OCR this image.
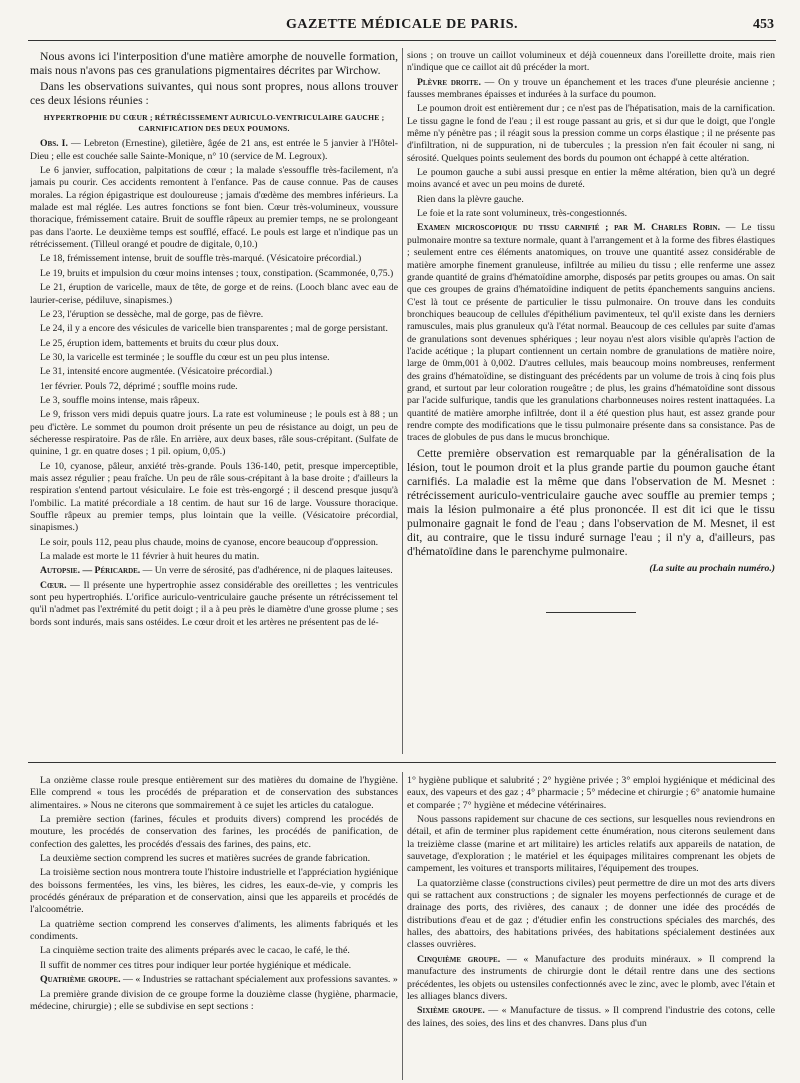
GAZETTE MÉDICALE DE PARIS.	453

Nous avons ici l'interposition d'une matière amorphe de nouvelle formation, mais nous n'avons pas ces granulations pigmentaires décrites par Wirchow.

Dans les observations suivantes, qui nous sont propres, nous allons trouver ces deux lésions réunies :

HYPERTROPHIE DU CŒUR ; RÉTRÉCISSEMENT AURICULO-VENTRICULAIRE GAUCHE ; CARNIFICATION DES DEUX POUMONS.

Obs. I. — Lebreton (Ernestine), giletière, âgée de 21 ans, est entrée le 5 janvier à l'Hôtel-Dieu ; elle est couchée salle Sainte-Monique, n° 10 (service de M. Legroux).

Le 6 janvier, suffocation, palpitations de cœur ; la malade s'essouffle très-facilement, n'a jamais pu courir. Ces accidents remontent à l'enfance. Pas de cause connue. Pas de causes morales. La région épigastrique est douloureuse ; jamais d'œdème des membres inférieurs. La malade est mal réglée. Les autres fonctions se font bien. Cœur très-volumineux, voussure thoracique, frémissement cataire. Bruit de souffle râpeux au premier temps, ne se prolongeant pas dans l'aorte. Le deuxième temps est soufflé, effacé. Le pouls est large et n'indique pas un rétrécissement. (Tilleul orangé et poudre de digitale, 0,10.)

Le 18, frémissement intense, bruit de souffle très-marqué. (Vésicatoire précordial.)

Le 19, bruits et impulsion du cœur moins intenses ; toux, constipation. (Scammonée, 0,75.)

Le 21, éruption de varicelle, maux de tête, de gorge et de reins. (Looch blanc avec eau de laurier-cerise, pédiluve, sinapismes.)

Le 23, l'éruption se dessèche, mal de gorge, pas de fièvre.

Le 24, il y a encore des vésicules de varicelle bien transparentes ; mal de gorge persistant.

Le 25, éruption idem, battements et bruits du cœur plus doux.

Le 30, la varicelle est terminée ; le souffle du cœur est un peu plus intense.

Le 31, intensité encore augmentée. (Vésicatoire précordial.)

1er février. Pouls 72, déprimé ; souffle moins rude.

Le 3, souffle moins intense, mais râpeux.

Le 9, frisson vers midi depuis quatre jours. La rate est volumineuse ; le pouls est à 88 ; un peu d'ictère. Le sommet du poumon droit présente un peu de résistance au doigt, un peu de sécheresse respiratoire. Pas de râle. En arrière, aux deux bases, râle sous-crépitant. (Sulfate de quinine, 1 gr. en quatre doses ; 1 pil. opium, 0,05.)

Le 10, cyanose, pâleur, anxiété très-grande. Pouls 136-140, petit, presque imperceptible, mais assez régulier ; peau fraîche. Un peu de râle sous-crépitant à la base droite ; d'ailleurs la respiration s'entend partout vésiculaire. Le foie est très-engorgé ; il descend presque jusqu'à l'ombilic. La matité précordiale a 18 centim. de haut sur 16 de large. Voussure thoracique. Souffle râpeux au premier temps, plus lointain que la veille. (Vésicatoire précordial, sinapismes.)

Le soir, pouls 112, peau plus chaude, moins de cyanose, encore beaucoup d'oppression.

La malade est morte le 11 février à huit heures du matin.

Autopsie. — Péricarde. — Un verre de sérosité, pas d'adhérence, ni de plaques laiteuses.

Cœur. — Il présente une hypertrophie assez considérable des oreillettes ; les ventricules sont peu hypertrophiés. L'orifice auriculo-ventriculaire gauche présente un rétrécissement tel qu'il n'admet pas l'extrémité du petit doigt ; il a à peu près le diamètre d'une grosse plume ; ses bords sont indurés, mais sans ostéides. Le cœur droit et les artères ne présentent pas de lé-

sions ; on trouve un caillot volumineux et déjà couenneux dans l'oreillette droite, mais rien n'indique que ce caillot ait dû précéder la mort.

Plèvre droite. — On y trouve un épanchement et les traces d'une pleurésie ancienne ; fausses membranes épaisses et indurées à la surface du poumon.

Le poumon droit est entièrement dur ; ce n'est pas de l'hépatisation, mais de la carnification. Le tissu gagne le fond de l'eau ; il est rouge passant au gris, et si dur que le doigt, que l'ongle même n'y pénètre pas ; il réagit sous la pression comme un corps élastique ; il ne présente pas d'infiltration, ni de suppuration, ni de tubercules ; la pression n'en fait écouler ni sang, ni sérosité. Quelques points seulement des bords du poumon ont échappé à cette altération.

Le poumon gauche a subi aussi presque en entier la même altération, bien qu'à un degré moins avancé et avec un peu moins de dureté.

Rien dans la plèvre gauche.

Le foie et la rate sont volumineux, très-congestionnés.

Examen microscopique du tissu carnifié ; par M. Charles Robin. — Le tissu pulmonaire montre sa texture normale, quant à l'arrangement et à la forme des fibres élastiques ; seulement entre ces éléments anatomiques, on trouve une quantité assez considérable de matière amorphe finement granuleuse, infiltrée au milieu du tissu ; elle renferme une assez grande quantité de grains d'hématoïdine amorphe, disposés par petits groupes ou amas. On sait que ces groupes de grains d'hématoïdine indiquent de petits épanchements sanguins anciens. C'est là tout ce présente de particulier le tissu pulmonaire. On trouve dans les conduits bronchiques beaucoup de cellules d'épithélium pavimenteux, tel qu'il existe dans les derniers ramuscules, mais plus granuleux qu'à l'état normal. Beaucoup de ces cellules par suite d'amas de granulations sont devenues sphériques ; leur noyau n'est alors visible qu'après l'action de l'acide acétique ; la plupart contiennent un certain nombre de granulations de matière noire, large de 0mm,001 à 0,002. D'autres cellules, mais beaucoup moins nombreuses, renferment des grains d'hématoïdine, se distinguant des précédents par un volume de trois à cinq fois plus grand, et surtout par leur coloration rougeâtre ; de plus, les grains d'hématoïdine sont dissous par l'acide sulfurique, tandis que les granulations charbonneuses noires restent inattaquées. La quantité de matière amorphe infiltrée, dont il a été question plus haut, est assez grande pour rendre compte des modifications que le tissu pulmonaire présente dans sa consistance. Pas de traces de globules de pus dans le mucus bronchique.

Cette première observation est remarquable par la généralisation de la lésion, tout le poumon droit et la plus grande partie du poumon gauche étant carnifiés. La maladie est la même que dans l'observation de M. Mesnet : rétrécissement auriculo-ventriculaire gauche avec souffle au premier temps ; mais la lésion pulmonaire a été plus prononcée. Il est dit ici que le tissu pulmonaire gagnait le fond de l'eau ; dans l'observation de M. Mesnet, il est dit, au contraire, que le tissu induré surnage l'eau ; il n'y a, d'ailleurs, pas d'hématoïdine dans le parenchyme pulmonaire.

(La suite au prochain numéro.)

La onzième classe roule presque entièrement sur des matières du domaine de l'hygiène. Elle comprend « tous les procédés de préparation et de conservation des substances alimentaires. » Nous ne citerons que sommairement à ce sujet les articles du catalogue.

La première section (farines, fécules et produits divers) comprend les procédés de mouture, les procédés de conservation des farines, les procédés de panification, de confection des galettes, les procédés d'essais des farines, des pains, etc.

La deuxième section comprend les sucres et matières sucrées de grande fabrication.

La troisième section nous montrera toute l'histoire industrielle et l'appréciation hygiénique des boissons fermentées, les vins, les bières, les cidres, les eaux-de-vie, y compris les procédés généraux de préparation et de conservation, ainsi que les appareils et procédés de l'alcoométrie.

La quatrième section comprend les conserves d'aliments, les aliments fabriqués et les condiments.

La cinquième section traite des aliments préparés avec le cacao, le café, le thé.

Il suffit de nommer ces titres pour indiquer leur portée hygiénique et médicale.

Quatrième groupe. — « Industries se rattachant spécialement aux professions savantes. »

La première grande division de ce groupe forme la douzième classe (hygiène, pharmacie, médecine, chirurgie) ; elle se subdivise en sept sections :

1° hygiène publique et salubrité ; 2° hygiène privée ; 3° emploi hygiénique et médicinal des eaux, des vapeurs et des gaz ; 4° pharmacie ; 5° médecine et chirurgie ; 6° anatomie humaine et comparée ; 7° hygiène et médecine vétérinaires.

Nous passons rapidement sur chacune de ces sections, sur lesquelles nous reviendrons en détail, et afin de terminer plus rapidement cette énumération, nous citerons seulement dans la treizième classe (marine et art militaire) les articles relatifs aux appareils de natation, de sauvetage, d'exploration ; le matériel et les équipages militaires comprenant les objets de campement, les voitures et transports militaires, l'équipement des troupes.

La quatorzième classe (constructions civiles) peut permettre de dire un mot des arts divers qui se rattachent aux constructions ; de signaler les moyens perfectionnés de curage et de drainage des ports, des rivières, des canaux ; de donner une idée des procédés de distributions d'eau et de gaz ; d'étudier enfin les constructions spéciales des marchés, des halles, des abattoirs, des habitations privées, des habitations spécialement destinées aux classes ouvrières.

Cinquième groupe. — « Manufacture des produits minéraux. » Il comprend la manufacture des instruments de chirurgie dont le détail rentre dans une des sections précédentes, les objets ou ustensiles confectionnés avec le zinc, avec le plomb, avec l'étain et les alliages blancs divers.

Sixième groupe. — « Manufacture de tissus. » Il comprend l'industrie des cotons, celle des laines, des soies, des lins et des chanvres. Dans plus d'un
